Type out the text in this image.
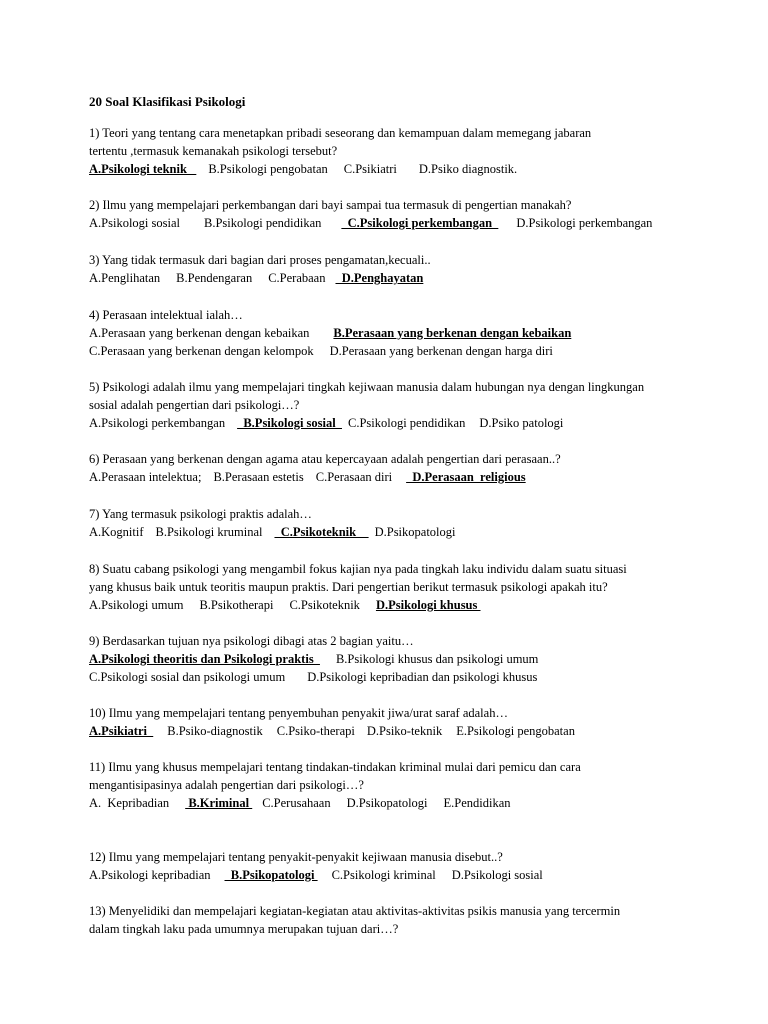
20 Soal Klasifikasi Psikologi
1) Teori yang tentang cara menetapkan pribadi seseorang dan kemampuan dalam memegang jabaran
tertentu ,termasuk kemanakah psikologi tersebut?
A.Psikologi teknik   B.Psikologi pengobatan C.Psikiatri D.Psiko diagnostik.
2) Ilmu yang mempelajari perkembangan dari bayi sampai tua termasuk di pengertian manakah?
A.Psikologi sosial B.Psikologi pendidikan  C.Psikologi perkembangan  D.Psikologi perkembangan
3) Yang tidak termasuk dari bagian dari proses pengamatan,kecuali..
A.Penglihatan B.Pendengaran C.Perabaan  D.Penghayatan
4) Perasaan intelektual ialah…
A.Perasaan yang berkenan dengan kebaikan B.Perasaan yang berkenan dengan kebaikan
C.Perasaan yang berkenan dengan kelompok D.Perasaan yang berkenan dengan harga diri
5) Psikologi adalah ilmu yang mempelajari tingkah kejiwaan manusia dalam hubungan nya dengan lingkungan
sosial adalah pengertian dari psikologi…?
A.Psikologi perkembangan  B.Psikologi sosial  C.Psikologi pendidikan D.Psiko patologi
6) Perasaan yang berkenan dengan agama atau kepercayaan adalah pengertian dari perasaan..?
A.Perasaan intelektua; B.Perasaan estetis C.Perasaan diri  D.Perasaan  religious
7) Yang termasuk psikologi praktis adalah…
A.Kognitif B.Psikologi kruminal  C.Psikoteknik    D.Psikopatologi
8) Suatu cabang psikologi yang mengambil fokus kajian nya pada tingkah laku individu dalam suatu situasi
yang khusus baik untuk teoritis maupun praktis. Dari pengertian berikut termasuk psikologi apakah itu?
A.Psikologi umum B.Psikotherapi C.Psikoteknik D.Psikologi khusus
9) Berdasarkan tujuan nya psikologi dibagi atas 2 bagian yaitu…
A.Psikologi theoritis dan Psikologi praktis  B.Psikologi khusus dan psikologi umum
C.Psikologi sosial dan psikologi umum D.Psikologi kepribadian dan psikologi khusus
10) Ilmu yang mempelajari tentang penyembuhan penyakit jiwa/urat saraf adalah…
A.Psikiatri  B.Psiko-diagnostik C.Psiko-therapi D.Psiko-teknik E.Psikologi pengobatan
11) Ilmu yang khusus mempelajari tentang tindakan-tindakan kriminal mulai dari pemicu dan cara
mengantisipasinya adalah pengertian dari psikologi…?
A.  Kepribadian B.Kriminal C.Perusahaan D.Psikopatologi E.Pendidikan
12) Ilmu yang mempelajari tentang penyakit-penyakit kejiwaan manusia disebut..?
A.Psikologi kepribadian  B.Psikopatologi C.Psikologi kriminal D.Psikologi sosial
13) Menyelidiki dan mempelajari kegiatan-kegiatan atau aktivitas-aktivitas psikis manusia yang tercermin
dalam tingkah laku pada umumnya merupakan tujuan dari…?
